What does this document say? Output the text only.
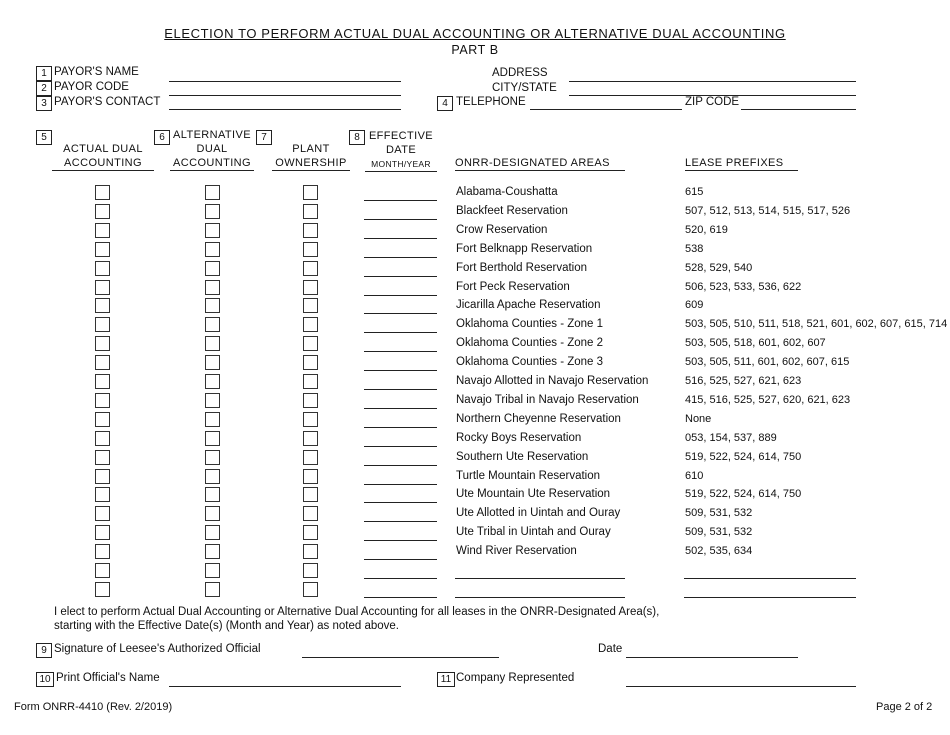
ELECTION TO PERFORM ACTUAL DUAL ACCOUNTING OR ALTERNATIVE DUAL ACCOUNTING
PART B
1
2
3
PAYOR'S NAME
PAYOR CODE
PAYOR'S CONTACT
ADDRESS
CITY/STATE
4 TELEPHONE	ZIP CODE
5
ACTUAL DUAL
ACCOUNTING
6 ALTERNATIVE
DUAL
ACCOUNTING
7
PLANT
OWNERSHIP
8 EFFECTIVE
DATE
MONTH/YEAR	ONRR-DESIGNATED AREAS	LEASE PREFIXES
Alabama-Coushatta	615
Blackfeet Reservation	507, 512, 513, 514, 515, 517, 526
Crow Reservation	520, 619
Fort Belknapp Reservation	538
Fort Berthold Reservation	528, 529, 540
Fort Peck Reservation	506, 523, 533, 536, 622
Jicarilla Apache Reservation	609
Oklahoma Counties - Zone 1	503, 505, 510, 511, 518, 521, 601, 602, 607, 615, 714
Oklahoma Counties - Zone 2	503, 505, 518, 601, 602, 607
Oklahoma Counties - Zone 3	503, 505, 511, 601, 602, 607, 615
Navajo Allotted in Navajo Reservation	516, 525, 527, 621, 623
Navajo Tribal in Navajo Reservation	415, 516, 525, 527, 620, 621, 623
Northern Cheyenne Reservation	None
Rocky Boys Reservation	053, 154, 537, 889
Southern Ute Reservation	519, 522, 524, 614, 750
Turtle Mountain Reservation	610
Ute Mountain Ute Reservation	519, 522, 524, 614, 750
Ute Allotted in Uintah and Ouray	509, 531, 532
Ute Tribal in Uintah and Ouray	509, 531, 532
Wind River Reservation	502, 535, 634
I elect to perform Actual Dual Accounting or Alternative Dual Accounting for all leases in the ONRR-Designated Area(s),
starting with the Effective Date(s) (Month and Year) as noted above.
9 Signature of Leesee's Authorized Official	Date
10 Print Official's Name	11 Company Represented
Form ONRR-4410 (Rev. 2/2019)	Page 2 of 2
